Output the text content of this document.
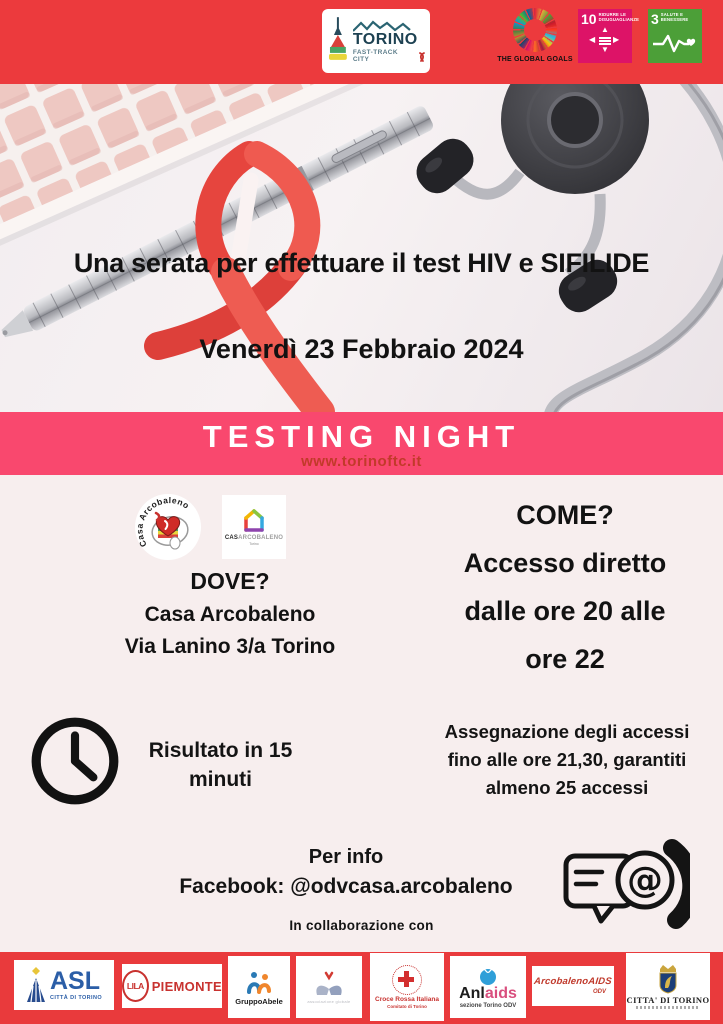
TORINO
FAST-TRACK CITY	THE GLOBAL GOALS
10 RIDURRE LE
DISUGUAGLIANZE
▲
▼
◀ ▶
3 SALUTE E
BENESSERE
Una serata per effettuare il test HIV e SIFILIDE
Venerdì 23 Febbraio 2024
TESTING NIGHT
www.torinoftc.it
Casa Arcobaleno
CASARCOBALENO
Torino
DOVE?
Casa Arcobaleno
Via Lanino 3/a Torino
COME?
Accesso diretto
dalle ore 20 alle
ore 22
Risultato in 15
minuti
Assegnazione degli accessi
fino alle ore 21,30, garantiti
almeno 25 accessi
Per info
Facebook: @odvcasa.arcobaleno	@
In collaborazione con
ASL
CITTÀ DI TORINO
LILA PIEMONTE
GruppoAbele	associazione globale	Croce Rossa Italiana
Comitato di Torino
Anlaids
sezione Torino ODV
ArcobalenoAIDS
ODV
CITTA' DI TORINO
